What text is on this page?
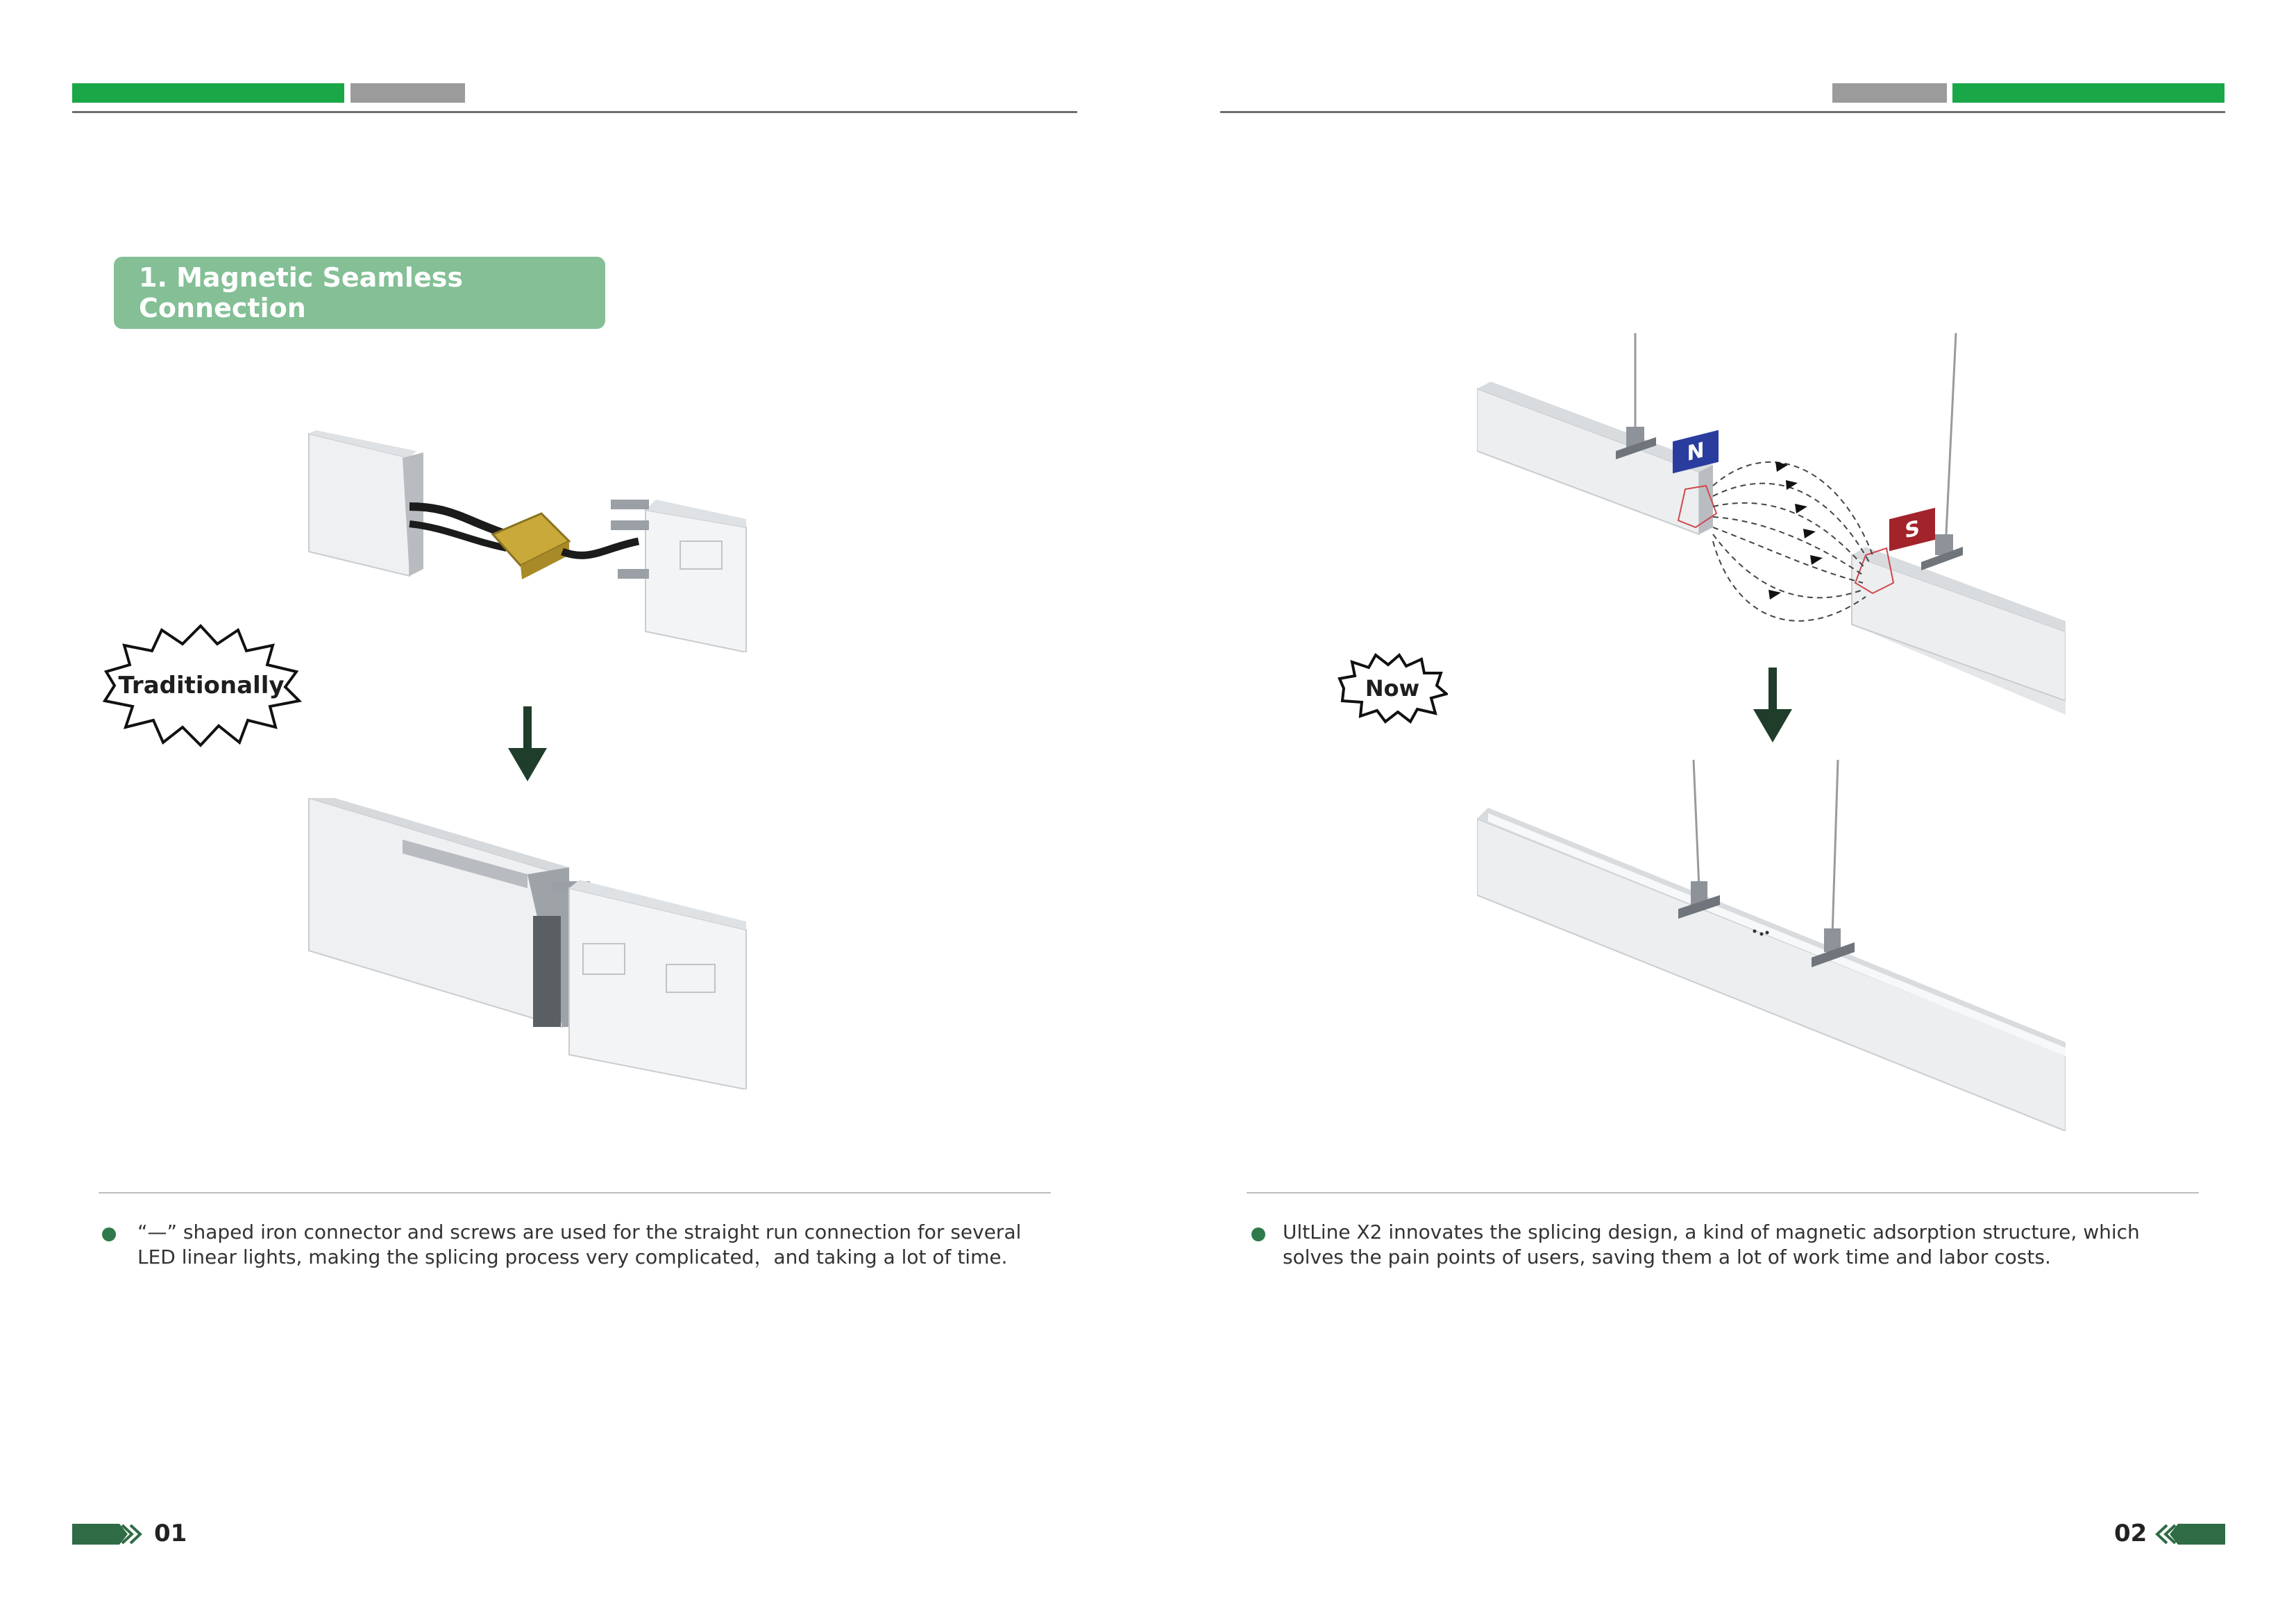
1. Magnetic Seamless Connection
Traditionally
“—” shaped iron connector and screws are used for the straight run connection for several LED linear lights, making the splicing process very complicated，and taking a lot of time.
01
N
S
Now
UltLine X2 innovates the splicing design, a kind of magnetic adsorption structure, which solves the pain points of users, saving them a lot of work time and labor costs.
02
